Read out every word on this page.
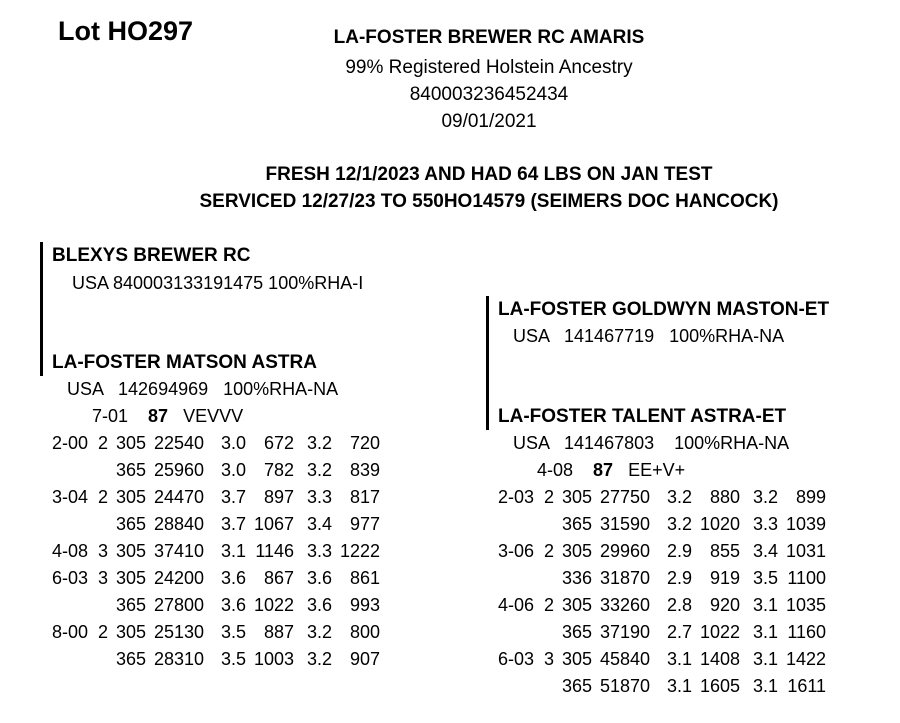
Lot HO297	LA-FOSTER BREWER RC AMARIS
99% Registered Holstein Ancestry
840003236452434
09/01/2021
FRESH 12/1/2023 AND HAD 64 LBS ON JAN TEST
SERVICED 12/27/23 TO 550HO14579 (SEIMERS DOC HANCOCK)
BLEXYS BREWER RC
USA 840003133191475 100%RHA-I
LA-FOSTER MATSON ASTRA
USA   142694969   100%RHA-NA
7-01 87 VEVVV
2-00	2	305	22540	3.0	672	3.2	720
		365	25960	3.0	782	3.2	839
3-04	2	305	24470	3.7	897	3.3	817
		365	28840	3.7	1067	3.4	977
4-08	3	305	37410	3.1	1146	3.3	1222
6-03	3	305	24200	3.6	867	3.6	861
		365	27800	3.6	1022	3.6	993
8-00	2	305	25130	3.5	887	3.2	800
		365	28310	3.5	1003	3.2	907
LA-FOSTER GOLDWYN MASTON-ET
USA   141467719   100%RHA-NA
LA-FOSTER TALENT ASTRA-ET
USA   141467803    100%RHA-NA
4-08 87 EE+V+
2-03	2	305	27750	3.2	880	3.2	899
		365	31590	3.2	1020	3.3	1039
3-06	2	305	29960	2.9	855	3.4	1031
		336	31870	2.9	919	3.5	1100
4-06	2	305	33260	2.8	920	3.1	1035
		365	37190	2.7	1022	3.1	1160
6-03	3	305	45840	3.1	1408	3.1	1422
		365	51870	3.1	1605	3.1	1611
